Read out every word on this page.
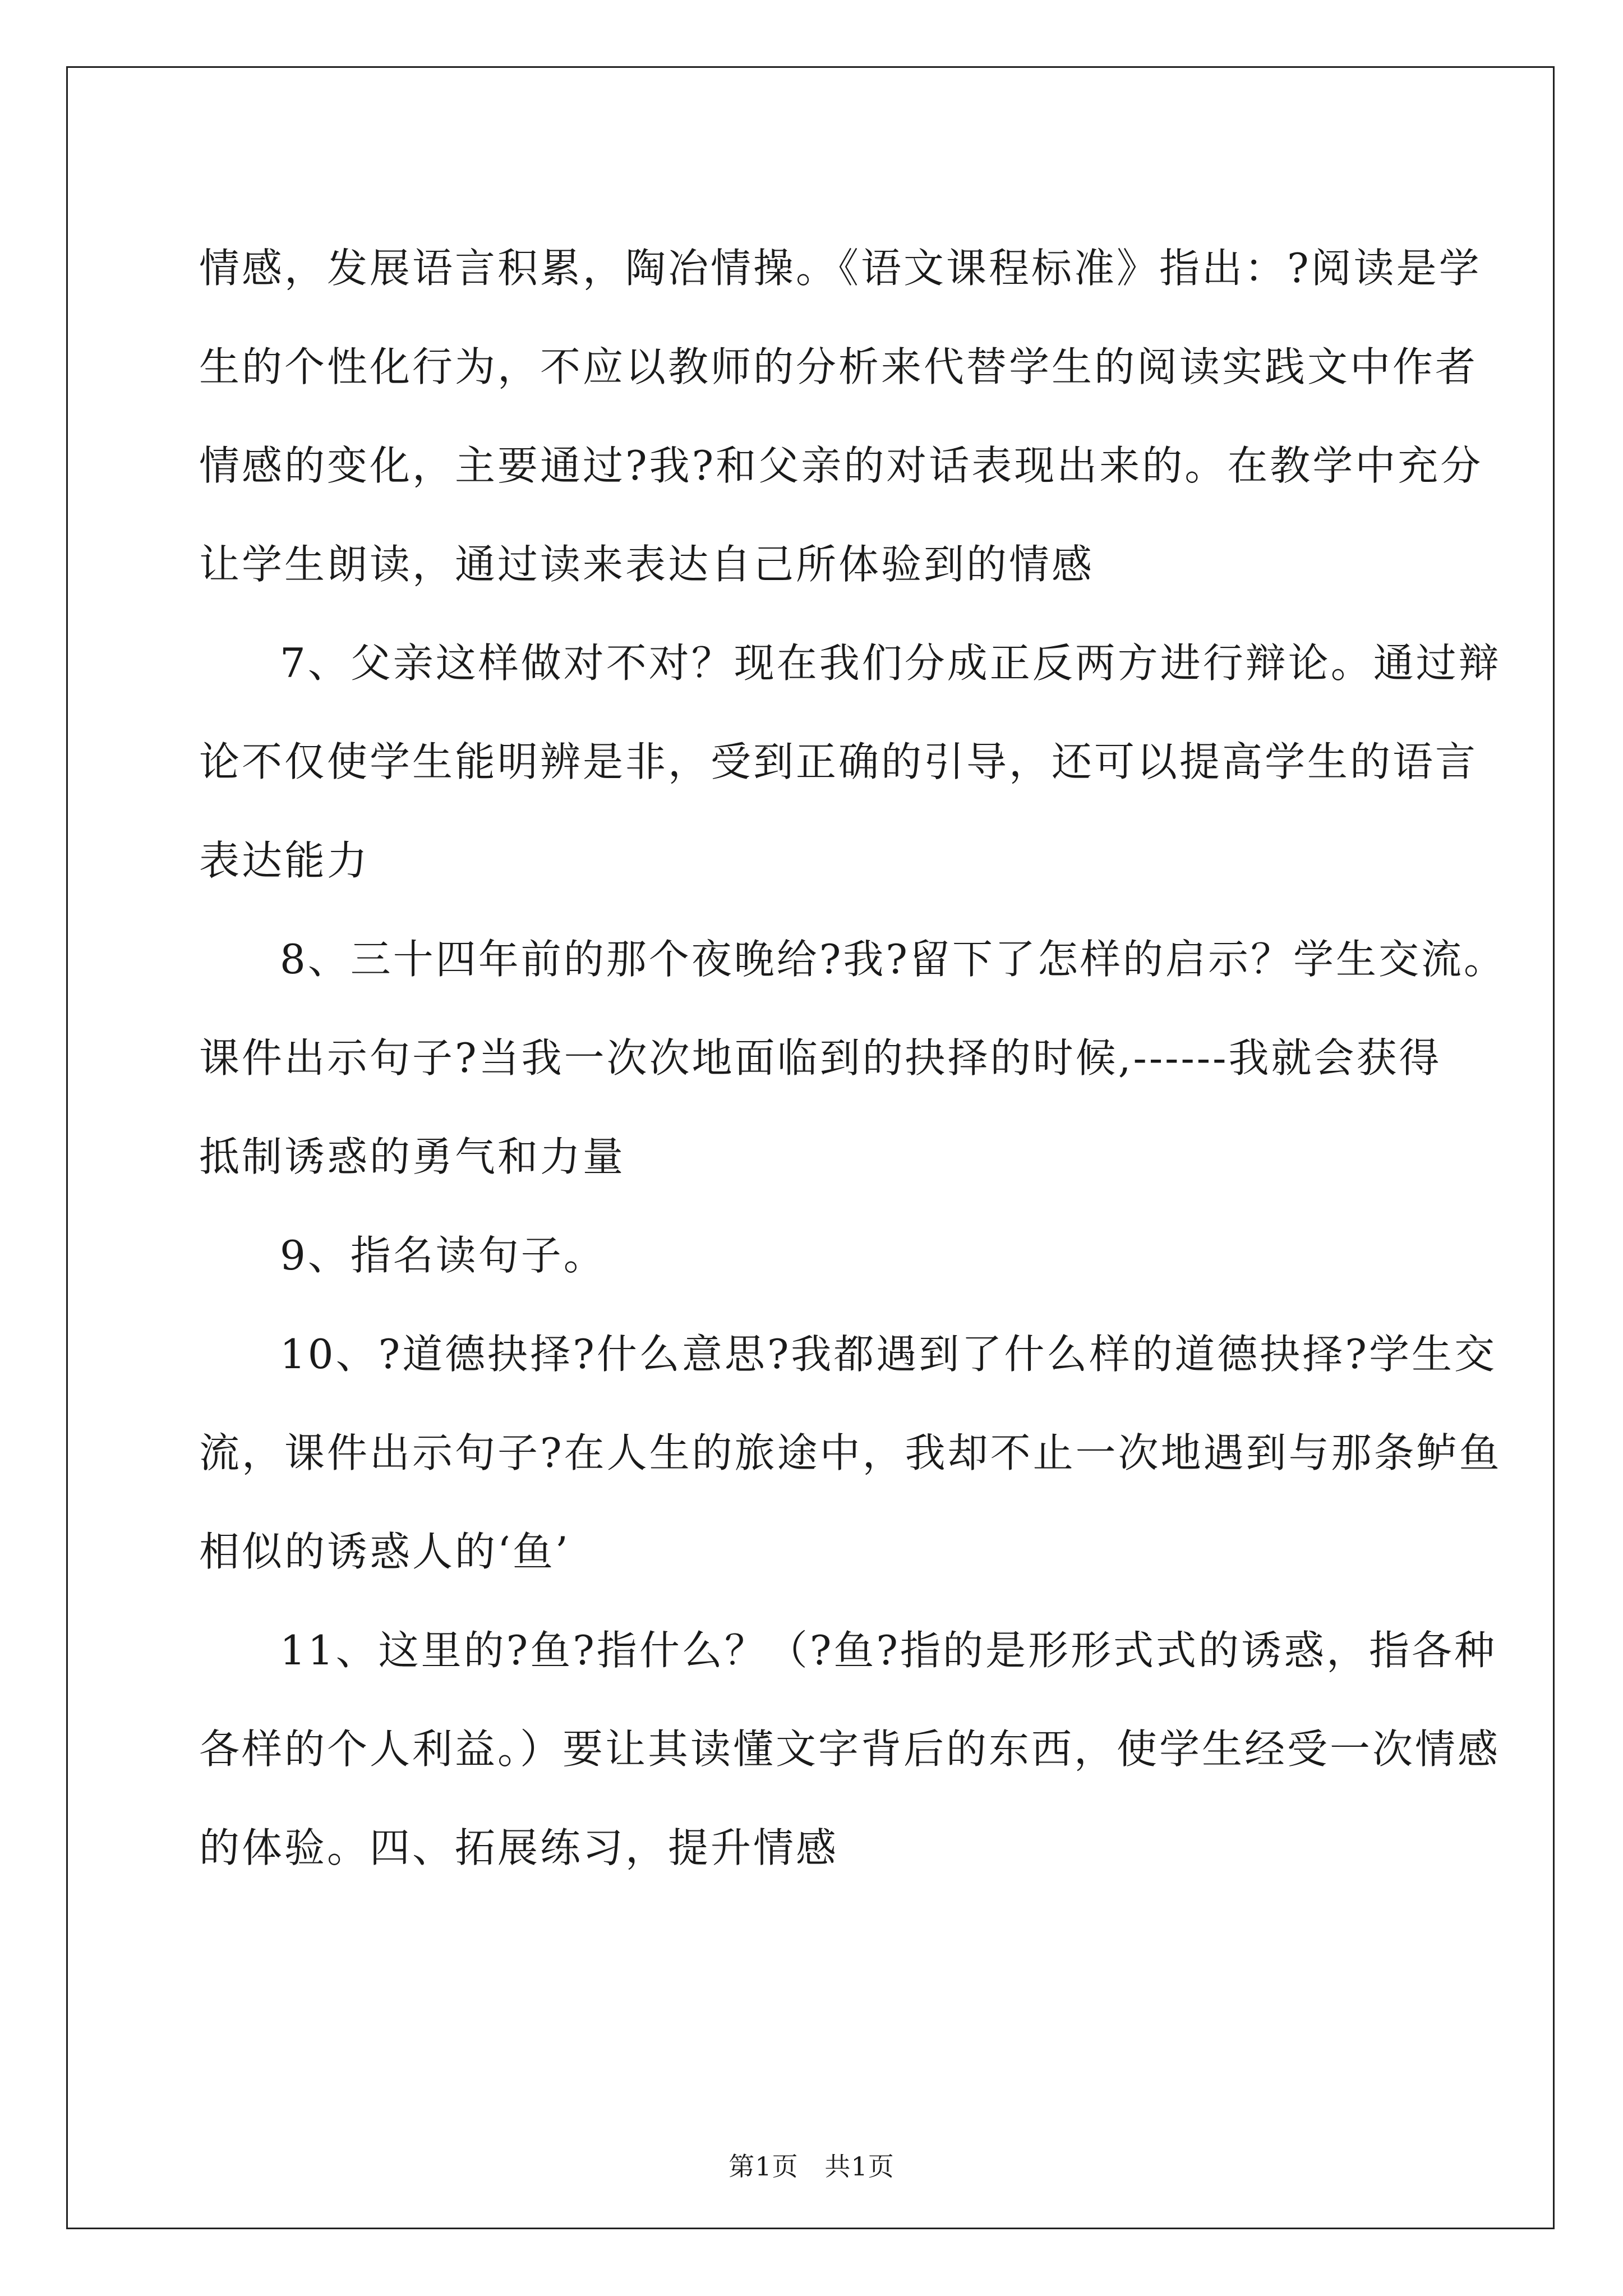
情感，发展语言积累，陶冶情操。《语文课程标准》指出：?阅读是学
生的个性化行为，不应以教师的分析来代替学生的阅读实践文中作者
情感的变化，主要通过?我?和父亲的对话表现出来的。在教学中充分
让学生朗读，通过读来表达自己所体验到的情感

7、父亲这样做对不对？现在我们分成正反两方进行辩论。通过辩
论不仅使学生能明辨是非，受到正确的引导，还可以提高学生的语言
表达能力

8、三十四年前的那个夜晚给?我?留下了怎样的启示？学生交流。
课件出示句子?当我一次次地面临到的抉择的时候,------我就会获得
抵制诱惑的勇气和力量

9、指名读句子。

10、?道德抉择?什么意思?我都遇到了什么样的道德抉择?学生交
流，课件出示句子?在人生的旅途中，我却不止一次地遇到与那条鲈鱼
相似的诱惑人的‘鱼’

11、这里的?鱼?指什么？（?鱼?指的是形形式式的诱惑，指各种
各样的个人利益。）要让其读懂文字背后的东西，使学生经受一次情感
的体验。四、拓展练习，提升情感

第1页   共1页
